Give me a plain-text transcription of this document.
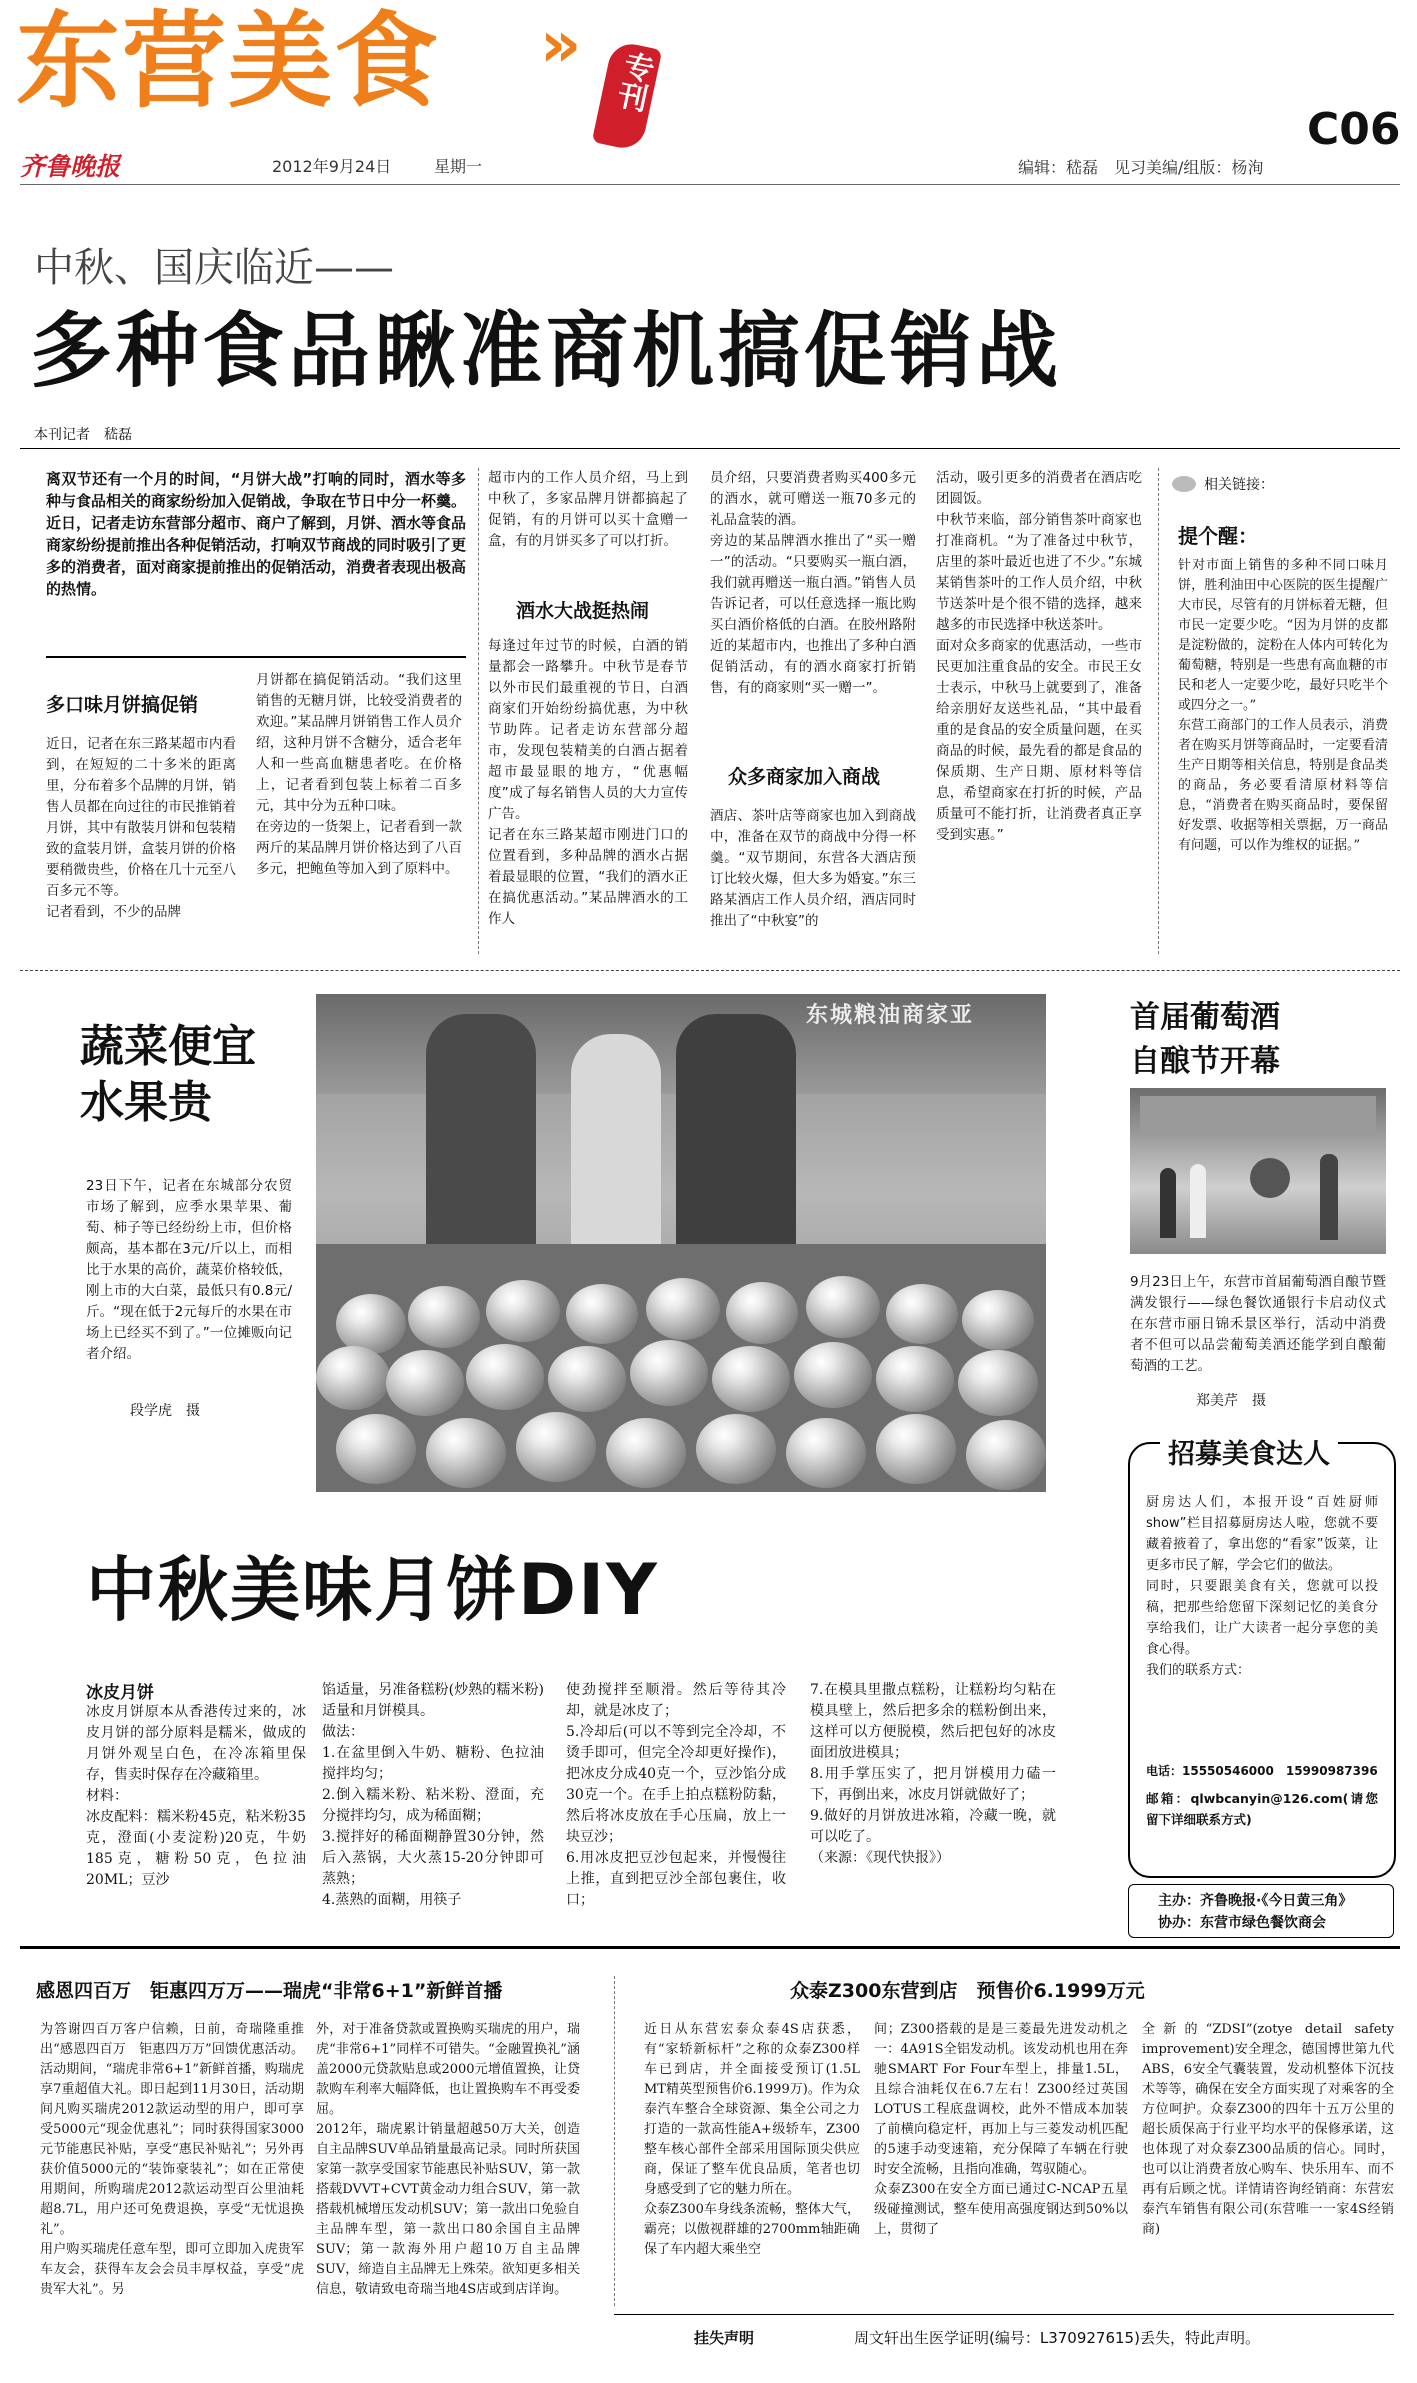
东营美食 » 专刊
齐鲁晚报	2012年9月24日	星期一
C06
编辑：嵇磊　见习美编/组版：杨洵
中秋、国庆临近——
多种食品瞅准商机搞促销战
本刊记者　嵇磊
离双节还有一个月的时间，“月饼大战”打响的同时，酒水等多种与食品相关的商家纷纷加入促销战，争取在节日中分一杯羹。近日，记者走访东营部分超市、商户了解到，月饼、酒水等食品商家纷纷提前推出各种促销活动，打响双节商战的同时吸引了更多的消费者，面对商家提前推出的促销活动，消费者表现出极高的热情。
多口味月饼搞促销
近日，记者在东三路某超市内看到，在短短的二十多米的距离里，分布着多个品牌的月饼，销售人员都在向过往的市民推销着月饼，其中有散装月饼和包装精致的盒装月饼，盒装月饼的价格要稍微贵些，价格在几十元至八百多元不等。
记者看到，不少的品牌
月饼都在搞促销活动。“我们这里销售的无糖月饼，比较受消费者的欢迎。”某品牌月饼销售工作人员介绍，这种月饼不含糖分，适合老年人和一些高血糖患者吃。在价格上，记者看到包装上标着二百多元，其中分为五种口味。
在旁边的一货架上，记者看到一款两斤的某品牌月饼价格达到了八百多元，把鲍鱼等加入到了原料中。
超市内的工作人员介绍，马上到中秋了，多家品牌月饼都搞起了促销，有的月饼可以买十盒赠一盒，有的月饼买多了可以打折。
酒水大战挺热闹
每逢过年过节的时候，白酒的销量都会一路攀升。中秋节是春节以外市民们最重视的节日，白酒商家们开始纷纷搞优惠，为中秋节助阵。记者走访东营部分超市，发现包装精美的白酒占据着超市最显眼的地方，“优惠幅度”成了每名销售人员的大力宣传广告。
记者在东三路某超市刚进门口的位置看到，多种品牌的酒水占据着最显眼的位置，“我们的酒水正在搞优惠活动。”某品牌酒水的工作人
员介绍，只要消费者购买400多元的酒水，就可赠送一瓶70多元的礼品盒装的酒。
旁边的某品牌酒水推出了“买一赠一”的活动。“只要购买一瓶白酒，我们就再赠送一瓶白酒。”销售人员告诉记者，可以任意选择一瓶比购买白酒价格低的白酒。在胶州路附近的某超市内，也推出了多种白酒促销活动，有的酒水商家打折销售，有的商家则“买一赠一”。
众多商家加入商战
酒店、茶叶店等商家也加入到商战中，准备在双节的商战中分得一杯羹。“双节期间，东营各大酒店预订比较火爆，但大多为婚宴。”东三路某酒店工作人员介绍，酒店同时推出了“中秋宴”的
活动，吸引更多的消费者在酒店吃团圆饭。
中秋节来临，部分销售茶叶商家也打准商机。“为了准备过中秋节，店里的茶叶最近也进了不少。”东城某销售茶叶的工作人员介绍，中秋节送茶叶是个很不错的选择，越来越多的市民选择中秋送茶叶。
面对众多商家的优惠活动，一些市民更加注重食品的安全。市民王女士表示，中秋马上就要到了，准备给亲朋好友送些礼品，“其中最看重的是食品的安全质量问题，在买商品的时候，最先看的都是食品的保质期、生产日期、原材料等信息，希望商家在打折的时候，产品质量可不能打折，让消费者真正享受到实惠。”
相关链接：
提个醒：
针对市面上销售的多种不同口味月饼，胜利油田中心医院的医生提醒广大市民，尽管有的月饼标着无糖，但市民一定要少吃。“因为月饼的皮都是淀粉做的，淀粉在人体内可转化为葡萄糖，特别是一些患有高血糖的市民和老人一定要少吃，最好只吃半个或四分之一。”
东营工商部门的工作人员表示，消费者在购买月饼等商品时，一定要看清生产日期等相关信息，特别是食品类的商品，务必要看清原材料等信息，“消费者在购买商品时，要保留好发票、收据等相关票据，万一商品有问题，可以作为维权的证据。”
蔬菜便宜
水果贵
23日下午，记者在东城部分农贸市场了解到，应季水果苹果、葡萄、柿子等已经纷纷上市，但价格颇高，基本都在3元/斤以上，而相比于水果的高价，蔬菜价格较低，刚上市的大白菜，最低只有0.8元/斤。“现在低于2元每斤的水果在市场上已经买不到了。”一位摊贩向记者介绍。
段学虎　摄
东城粮油商家亚	首届葡萄酒
自酿节开幕
9月23日上午，东营市首届葡萄酒自酿节暨满发银行——绿色餐饮通银行卡启动仪式在东营市丽日锦禾景区举行，活动中消费者不但可以品尝葡萄美酒还能学到自酿葡萄酒的工艺。
郑美芹　摄
招募美食达人
厨房达人们，本报开设“百姓厨师show”栏目招募厨房达人啦，您就不要藏着掖着了，拿出您的“看家”饭菜，让更多市民了解，学会它们的做法。
同时，只要跟美食有关，您就可以投稿，把那些给您留下深刻记忆的美食分享给我们，让广大读者一起分享您的美食心得。
我们的联系方式：
电话：15550546000　15990987396
邮箱：qlwbcanyin@126.com(请您留下详细联系方式)
主办：齐鲁晚报·《今日黄三角》
协办：东营市绿色餐饮商会
中秋美味月饼DIY
冰皮月饼
冰皮月饼原本从香港传过来的，冰皮月饼的部分原料是糯米，做成的月饼外观呈白色，在冷冻箱里保存，售卖时保存在冷藏箱里。
材料：
冰皮配料：糯米粉45克，粘米粉35克，澄面(小麦淀粉)20克，牛奶185克，糖粉50克，色拉油20ML；豆沙
馅适量，另准备糕粉(炒熟的糯米粉)适量和月饼模具。
做法：
1.在盆里倒入牛奶、糖粉、色拉油搅拌均匀；
2.倒入糯米粉、粘米粉、澄面，充分搅拌均匀，成为稀面糊；
3.搅拌好的稀面糊静置30分钟，然后入蒸锅，大火蒸15-20分钟即可蒸熟；
4.蒸熟的面糊，用筷子
使劲搅拌至顺滑。然后等待其冷却，就是冰皮了；
5.冷却后(可以不等到完全冷却，不烫手即可，但完全冷却更好操作)，把冰皮分成40克一个，豆沙馅分成30克一个。在手上拍点糕粉防黏，然后将冰皮放在手心压扁，放上一块豆沙；
6.用冰皮把豆沙包起来，并慢慢往上推，直到把豆沙全部包裹住，收口；
7.在模具里撒点糕粉，让糕粉均匀粘在模具壁上，然后把多余的糕粉倒出来，这样可以方便脱模，然后把包好的冰皮面团放进模具；
8.用手掌压实了，把月饼模用力磕一下，再倒出来，冰皮月饼就做好了；
9.做好的月饼放进冰箱，冷藏一晚，就可以吃了。
（来源：《现代快报》）
感恩四百万　钜惠四万万——瑞虎“非常6+1”新鲜首播
为答谢四百万客户信赖，日前，奇瑞隆重推出“感恩四百万　钜惠四万万”回馈优惠活动。活动期间，“瑞虎非常6+1”新鲜首播，购瑞虎享7重超值大礼。即日起到11月30日，活动期间凡购买瑞虎2012款运动型的用户，即可享受5000元“现金优惠礼”；同时获得国家3000元节能惠民补贴，享受“惠民补贴礼”；另外再获价值5000元的“装饰豪装礼”；如在正常使用期间，所购瑞虎2012款运动型百公里油耗超8.7L，用户还可免费退换，享受“无忧退换礼”。
用户购买瑞虎任意车型，即可立即加入虎贵军车友会，获得车友会会员丰厚权益，享受“虎贵军大礼”。另
外，对于准备贷款或置换购买瑞虎的用户，瑞虎“非常6+1”同样不可错失。“金融置换礼”涵盖2000元贷款贴息或2000元增值置换，让贷款购车利率大幅降低，也让置换购车不再受委屈。
2012年，瑞虎累计销量超越50万大关，创造自主品牌SUV单品销量最高记录。同时所获国家第一款享受国家节能惠民补贴SUV，第一款搭载DVVT+CVT黄金动力组合SUV，第一款搭载机械增压发动机SUV；第一款出口免验自主品牌车型，第一款出口80余国自主品牌SUV；第一款海外用户超10万自主品牌SUV，缔造自主品牌无上殊荣。欲知更多相关信息，敬请致电奇瑞当地4S店或到店详询。
众泰Z300东营到店　预售价6.1999万元
近日从东营宏泰众泰4S店获悉，有“家轿新标杆”之称的众泰Z300样车已到店，并全面接受预订(1.5L MT精英型预售价6.1999万)。作为众泰汽车整合全球资源、集全公司之力打造的一款高性能A+级轿车，Z300整车核心部件全部采用国际顶尖供应商，保证了整车优良品质，笔者也切身感受到了它的魅力所在。
众泰Z300车身线条流畅，整体大气，霸亮；以傲视群雄的2700mm轴距确保了车内超大乘坐空
间；Z300搭载的是是三菱最先进发动机之一：4A91S全铝发动机。该发动机也用在奔驰SMART For Four车型上，排量1.5L，且综合油耗仅在6.7左右！Z300经过英国LOTUS工程底盘调校，此外不惜成本加装了前横向稳定杆，再加上与三菱发动机匹配的5速手动变速箱，充分保障了车辆在行驶时安全流畅，且指向准确，驾驭随心。
众泰Z300在安全方面已通过C-NCAP五星级碰撞测试，整车使用高强度钢达到50%以上，贯彻了
全新的“ZDSI”(zotye detail safety improvement)安全理念，德国博世第九代ABS，6安全气囊装置，发动机整体下沉技术等等，确保在安全方面实现了对乘客的全方位呵护。众泰Z300的四年十五万公里的超长质保高于行业平均水平的保修承诺，这也体现了对众泰Z300品质的信心。同时，也可以让消费者放心购车、快乐用车、而不再有后顾之忧。详情请咨询经销商：东营宏泰汽车销售有限公司(东营唯一一家4S经销商)
挂失声明	周文轩出生医学证明(编号：L370927615)丢失，特此声明。
